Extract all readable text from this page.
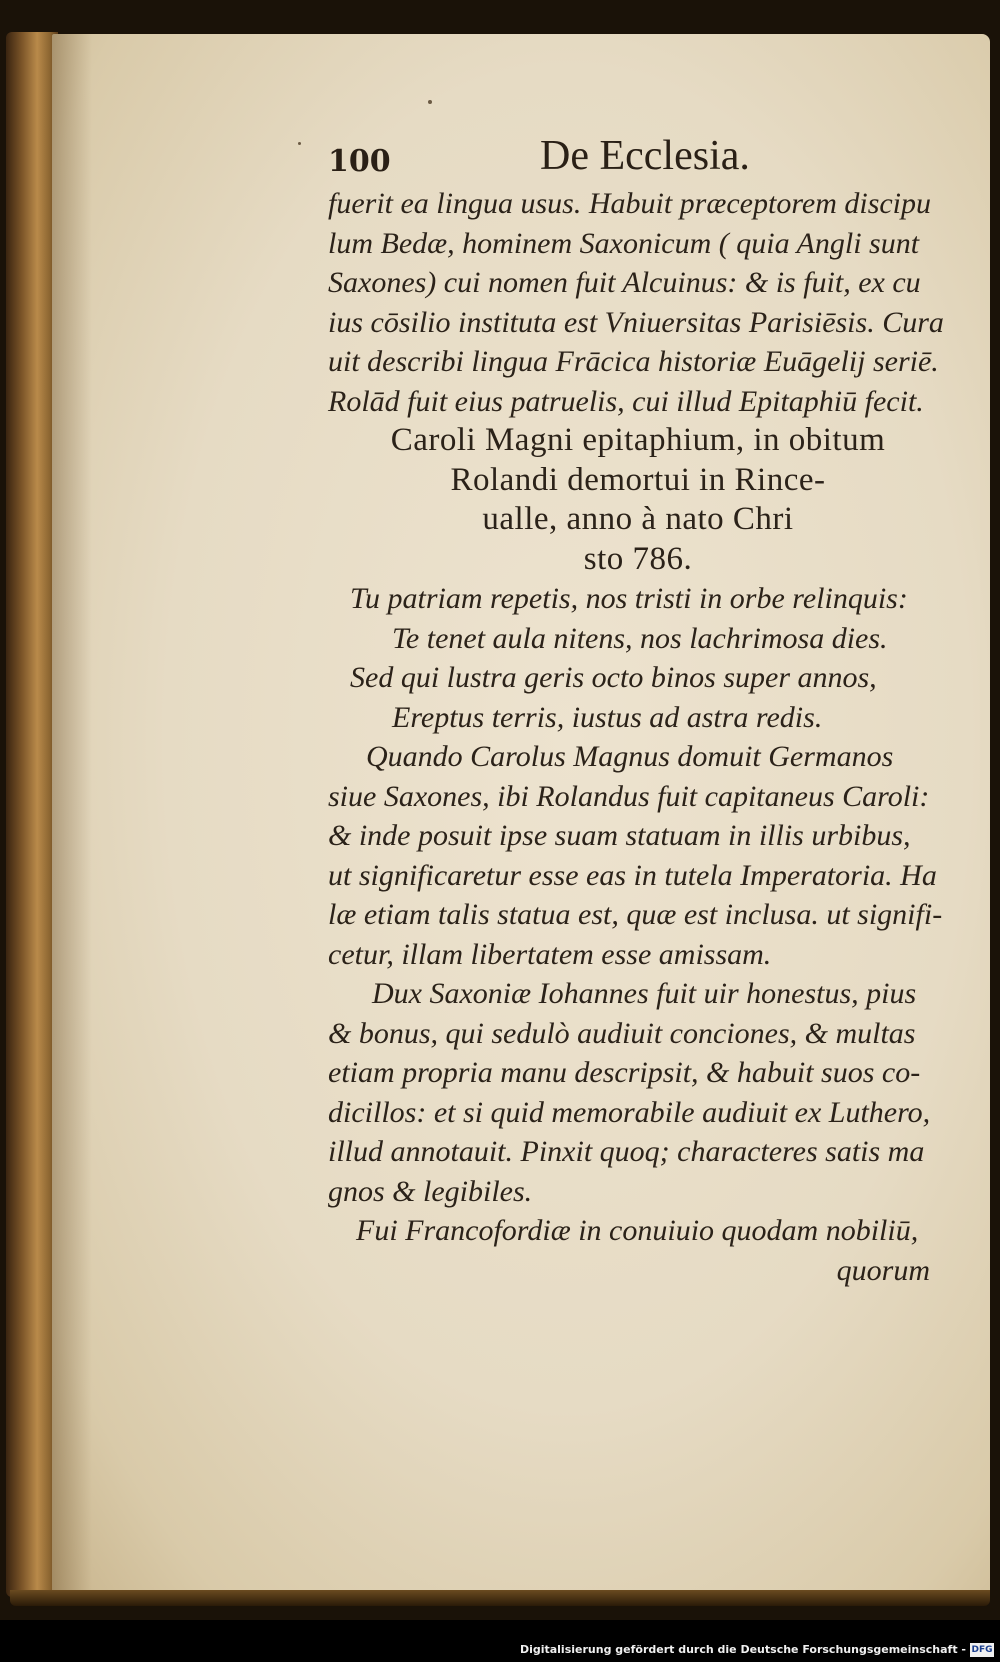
100	De Ecclesia.
fuerit ea lingua usus. Habuit præceptorem discipu
lum Bedæ, hominem Saxonicum ( quia Angli sunt
Saxones) cui nomen fuit Alcuinus: & is fuit, ex cu
ius cōsilio instituta est Vniuersitas Parisiēsis. Cura
uit describi lingua Frācica historiæ Euāgelij seriē.
Rolād fuit eius patruelis, cui illud Epitaphiū fecit.
Caroli Magni epitaphium, in obitum
Rolandi demortui in Rince-
ualle, anno à nato Chri
sto 786.
Tu patriam repetis, nos tristi in orbe relinquis:
Te tenet aula nitens, nos lachrimosa dies.
Sed qui lustra geris octo binos super annos,
Ereptus terris, iustus ad astra redis.
Quando Carolus Magnus domuit Germanos
siue Saxones, ibi Rolandus fuit capitaneus Caroli:
& inde posuit ipse suam statuam in illis urbibus,
ut significaretur esse eas in tutela Imperatoria. Ha
læ etiam talis statua est, quæ est inclusa. ut signifi-
cetur, illam libertatem esse amissam.
Dux Saxoniæ Iohannes fuit uir honestus, pius
& bonus, qui sedulò audiuit conciones, & multas
etiam propria manu descripsit, & habuit suos co-
dicillos: et si quid memorabile audiuit ex Luthero,
illud annotauit. Pinxit quoq; characteres satis ma
gnos & legibiles.
Fui Francofordiæ in conuiuio quodam nobiliū,
quorum
Digitalisierung gefördert durch die Deutsche Forschungsgemeinschaft - DFG
